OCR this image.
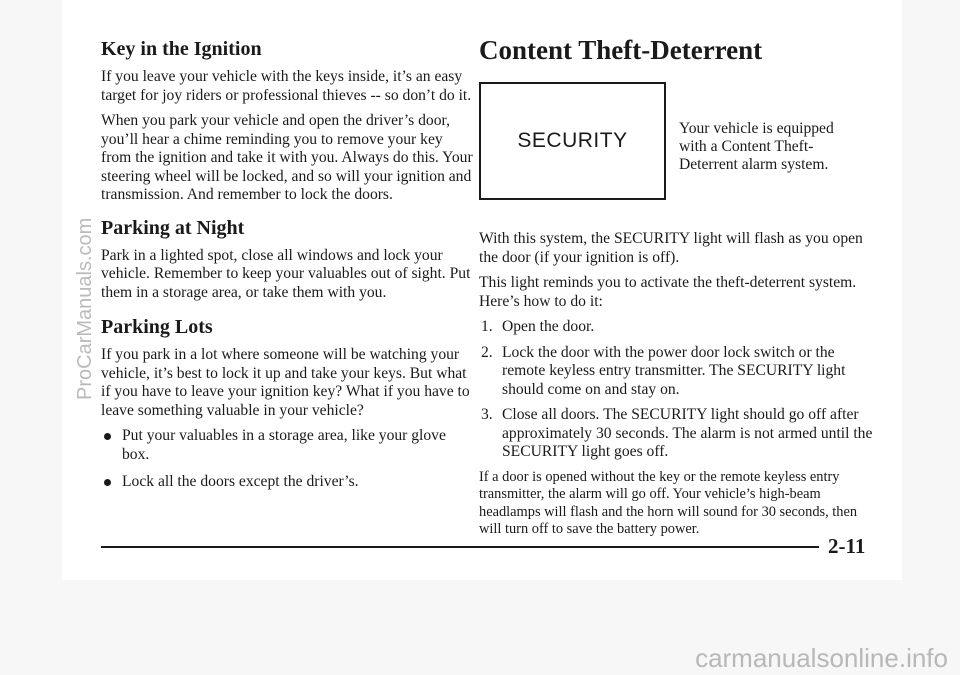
Key in the Ignition

If you leave your vehicle with the keys inside, it’s an easy target for joy riders or professional thieves -- so don’t do it.

When you park your vehicle and open the driver’s door, you’ll hear a chime reminding you to remove your key from the ignition and take it with you. Always do this. Your steering wheel will be locked, and so will your ignition and transmission. And remember to lock the doors.

Parking at Night

Park in a lighted spot, close all windows and lock your vehicle. Remember to keep your valuables out of sight. Put them in a storage area, or take them with you.

Parking Lots

If you park in a lot where someone will be watching your vehicle, it’s best to lock it up and take your keys. But what if you have to leave your ignition key? What if you have to leave something valuable in your vehicle?

Put your valuables in a storage area, like your glove box.
Lock all the doors except the driver’s.
Content Theft-Deterrent
SECURITY
Your vehicle is equipped with a Content Theft-Deterrent alarm system.

With this system, the SECURITY light will flash as you open the door (if your ignition is off).

This light reminds you to activate the theft-deterrent system. Here’s how to do it:

1. Open the door.
2. Lock the door with the power door lock switch or the remote keyless entry transmitter. The SECURITY light should come on and stay on.
3. Close all doors. The SECURITY light should go off after approximately 30 seconds. The alarm is not armed until the SECURITY light goes off.

If a door is opened without the key or the remote keyless entry transmitter, the alarm will go off. Your vehicle’s high-beam headlamps will flash and the horn will sound for 30 seconds, then will turn off to save the battery power.

2-11
ProCarManuals.com
carmanualsonline.info
